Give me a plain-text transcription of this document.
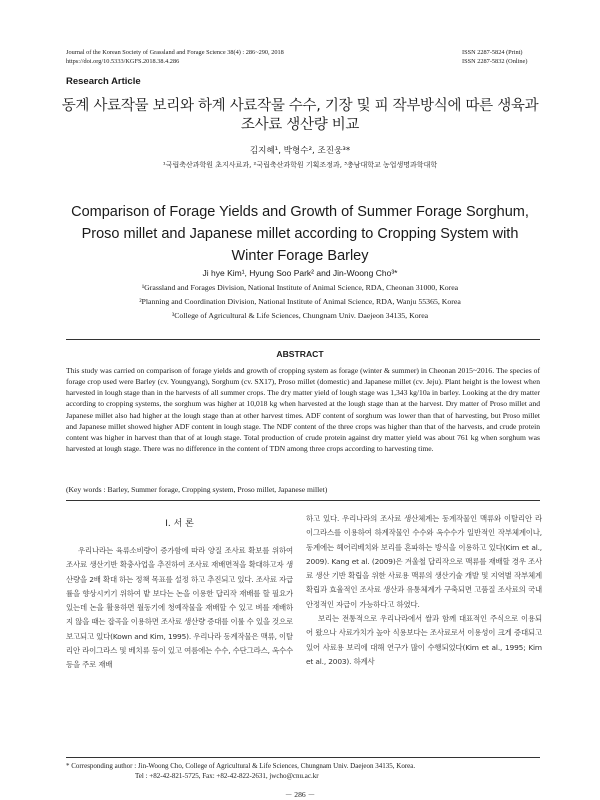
Journal of the Korean Society of Grassland and Forage Science 38(4) : 286~290, 2018
https://doi.org/10.5333/KGFS.2018.38.4.286
ISSN 2287-5824 (Print)
ISSN 2287-5832 (Online)
Research Article
동계 사료작물 보리와 하계 사료작물 수수, 기장 및 피 작부방식에 따른 생육과
조사료 생산량 비교
김지혜¹, 박형수², 조진웅³*
¹국립축산과학원 초지사료과, ²국립축산과학원 기획조정과, ³충남대학교 농업생명과학대학
Comparison of Forage Yields and Growth of Summer Forage Sorghum,
Proso millet and Japanese millet according to Cropping System with
Winter Forage Barley
Ji hye Kim¹, Hyung Soo Park² and Jin-Woong Cho³*
¹Grassland and Forages Division, National Institute of Animal Science, RDA, Cheonan 31000, Korea
²Planning and Coordination Division, National Institute of Animal Science, RDA, Wanju 55365, Korea
³College of Agricultural & Life Sciences, Chungnam Univ. Daejeon 34135, Korea
ABSTRACT
This study was carried on comparison of forage yields and growth of cropping system as forage (winter & summer) in Cheonan 2015~2016. The species of forage crop used were Barley (cv. Youngyang), Sorghum (cv. SX17), Proso millet (domestic) and Japanese millet (cv. Jeju). Plant height is the lowest when harvested in lough stage than in the harvests of all summer crops. The dry matter yield of lough stage was 1,343 kg/10a in barley. Looking at the dry matter according to cropping systems, the sorghum was higher at 10,018 kg when harvested at the lough stage than at the harvest. Dry matter of Proso millet and Japanese millet also had higher at the lough stage than at other harvest times. ADF content of sorghum was lower than that of harvesting, but Proso millet and Japanese millet showed higher ADF content in lough stage. The NDF content of the three crops was higher than that of the harvests, and crude protein content was higher in harvest than that of at lough stage. Total production of crude protein against dry matter yield was about 761 kg when sorghum was harvested at lough stage. There was no difference in the content of TDN among three crops according to harvesting time.
(Key words : Barley, Summer forage, Cropping system, Proso millet, Japanese millet)
Ⅰ. 서 론
우리나라는 육류소비량이 증가함에 따라 양질 조사료 확보를 위하여 조사료 생산기반 확충사업을 추진하여 조사료 재배면적을 확대하고자 생산량을 2배 확대 하는 정책 목표를 설정 하고 추진되고 있다. 조사료 자급률을 향상시키기 위하여 밭 보다는 논을 이용한 답리작 재배를 할 필요가 있는데 논을 활용하면 월동기에 청예작물을 재배할 수 있고 벼를 재배하지 않을 때는 잡곡을 이용하면 조사료 생산량 증대를 이룰 수 있을 것으로 보고되고 있다(Kown and Kim, 1995). 우리나라 동계작물은 맥류, 이탈리안 라이그라스 및 베치류 등이 있고 여름에는 수수, 수단그라스, 옥수수 등을 주로 재배

하고 있다. 우리나라의 조사료 생산체계는 동계작물인 맥류와 이탈리안 라이그라스를 이용하여 하계작물인 수수와 옥수수가 일반적인 작부체계이나, 동계에는 헤어리베치와 보리를 혼파하는 방식을 이용하고 있다(Kim et al., 2009). Kang et al. (2009)은 겨울철 답리작으로 맥류를 재배할 경우 조사료 생산 기반 확립을 위한 사료용 맥류의 생산기술 개발 및 지역별 작부체계 확립과 효율적인 조사료 생산과 유통체계가 구축되면 고품질 조사료의 국내 안정적인 자급이 가능하다고 하였다.

보리는 전통적으로 우리나라에서 쌀과 함께 대표적인 주식으로 이용되어 왔으나 사료가치가 높아 식용보다는 조사료로서 이용성이 크게 증대되고 있어 사료용 보리에 대해 연구가 많이 수행되었다(Kim et al., 1995; Kim et al., 2003). 하계사

* Corresponding author : Jin-Woong Cho, College of Agricultural & Life Sciences, Chungnam Univ. Daejeon 34135, Korea.
Tel : +82-42-821-5725, Fax: +82-42-822-2631, jwcho@cnu.ac.kr
－ 286 －
